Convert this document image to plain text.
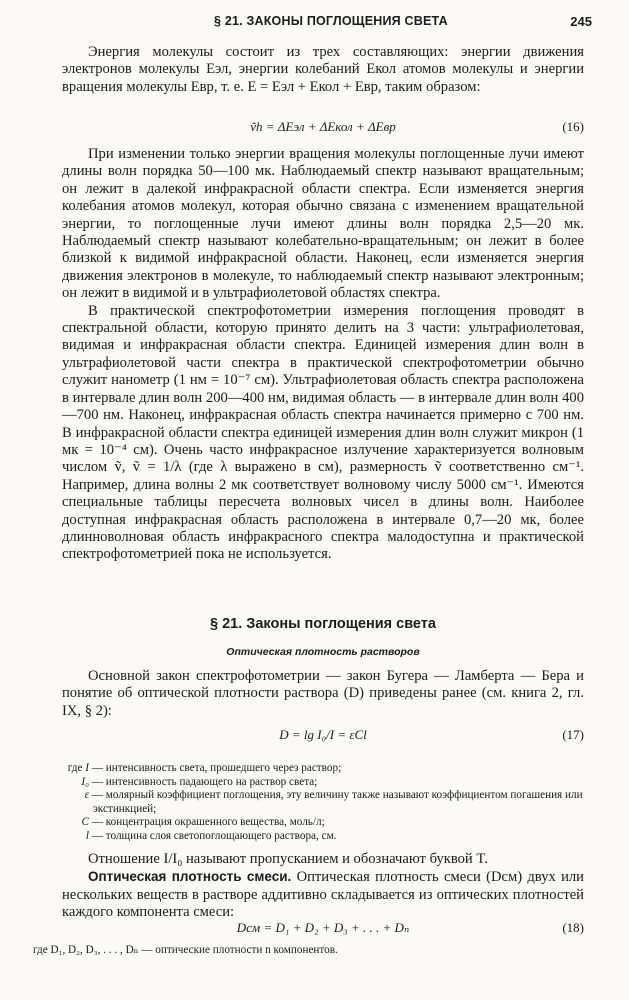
§ 21. ЗАКОНЫ ПОГЛОЩЕНИЯ СВЕТА	245

Энергия молекулы состоит из трех составляющих: энергии движения электронов молекулы Eэл, энергии колебаний Eкол атомов молекулы и энергии вращения молекулы Eвр, т. е. E = Eэл + Eкол + Eвр, таким образом:

ṽh = ΔEэл + ΔEкол + ΔEвр	(16)

При изменении только энергии вращения молекулы поглощенные лучи имеют длины волн порядка 50—100 мк. Наблюдаемый спектр называют вращательным; он лежит в далекой инфракрасной области спектра. Если изменяется энергия колебания атомов молекул, которая обычно связана с изменением вращательной энергии, то поглощенные лучи имеют длины волн порядка 2,5—20 мк. Наблюдаемый спектр называют колебательно-вращательным; он лежит в более близкой к видимой инфракрасной области. Наконец, если изменяется энергия движения электронов в молекуле, то наблюдаемый спектр называют электронным; он лежит в видимой и в ультрафиолетовой областях спектра.

В практической спектрофотометрии измерения поглощения проводят в спектральной области, которую принято делить на 3 части: ультрафиолетовая, видимая и инфракрасная области спектра. Единицей измерения длин волн в ультрафиолетовой части спектра в практической спектрофотометрии обычно служит нанометр (1 нм = 10⁻⁷ см). Ультрафиолетовая область спектра расположена в интервале длин волн 200—400 нм, видимая область — в интервале длин волн 400—700 нм. Наконец, инфракрасная область спектра начинается примерно с 700 нм. В инфракрасной области спектра единицей измерения длин волн служит микрон (1 мк = 10⁻⁴ см). Очень часто инфракрасное излучение характеризуется волновым числом ṽ, ṽ = 1/λ (где λ выражено в см), размерность ṽ соответственно см⁻¹. Например, длина волны 2 мк соответствует волновому числу 5000 см⁻¹. Имеются специальные таблицы пересчета волновых чисел в длины волн. Наиболее доступная инфракрасная область расположена в интервале 0,7—20 мк, более длинноволновая область инфракрасного спектра малодоступна и практической спектрофотометрией пока не используется.

§ 21. Законы поглощения света
Оптическая плотность растворов

Основной закон спектрофотометрии — закон Бугера — Ламберта — Бера и понятие об оптической плотности раствора (D) приведены ранее (см. книга 2, гл. IX, § 2):

D = lg I₀/I = εCl	(17)
где I — интенсивность света, прошедшего через раствор;
I₀ — интенсивность падающего на раствор света;
ε — молярный коэффициент поглощения, эту величину также называют коэффициентом погашения или экстинкцией;
C — концентрация окрашенного вещества, моль/л;
l — толщина слоя светопоглощающего раствора, см.

Отношение I/I₀ называют пропусканием и обозначают буквой T.

Оптическая плотность смеси. Оптическая плотность смеси (Dсм) двух или нескольких веществ в растворе аддитивно складывается из оптических плотностей каждого компонента смеси:

Dсм = D₁ + D₂ + D₃ + . . . + Dₙ	(18)
где D₁, D₂, D₃, . . . , Dₙ — оптические плотности n компонентов.
